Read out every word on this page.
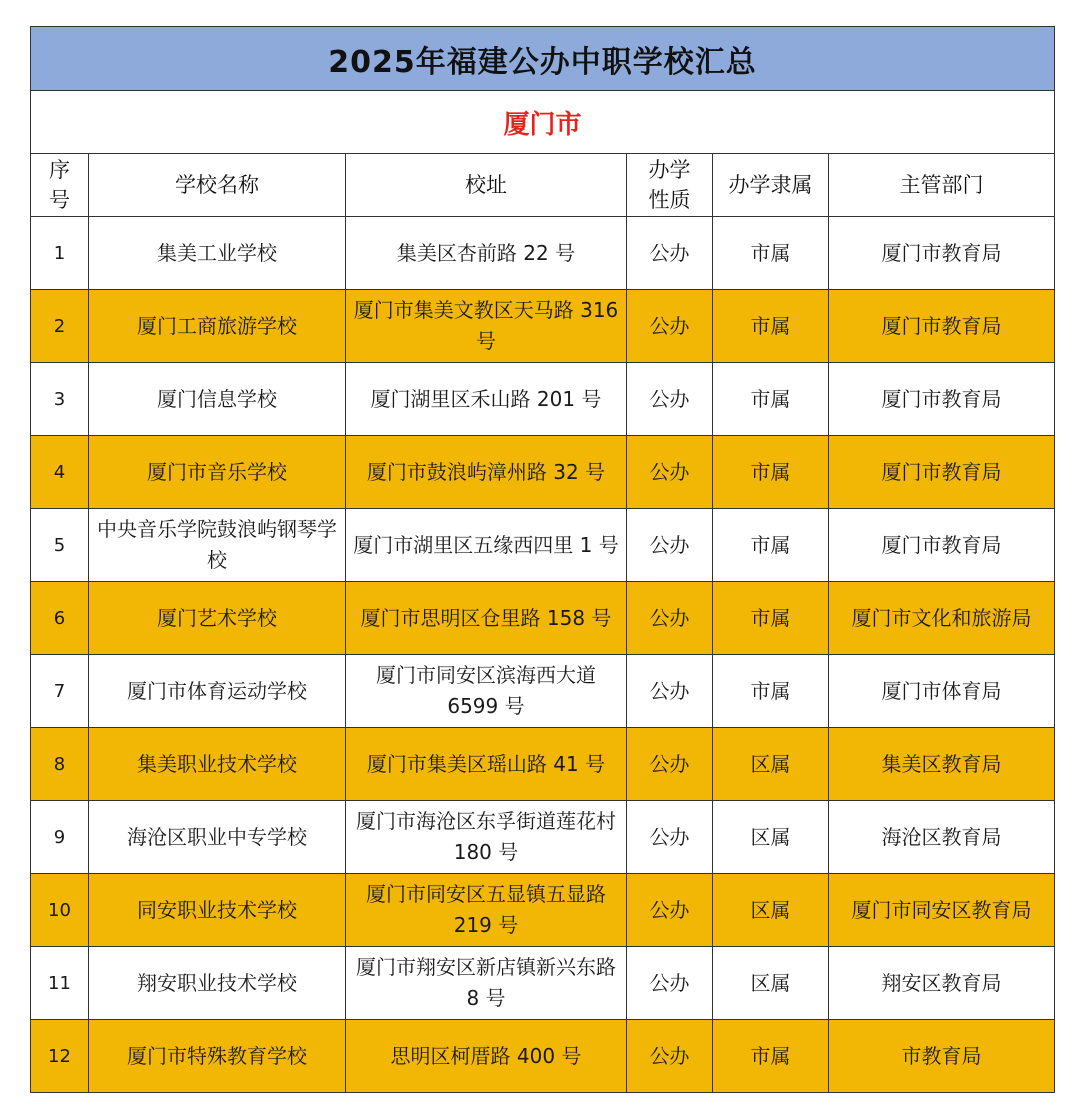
2025年福建公办中职学校汇总					
厦门市					
序号	学校名称	校址	办学性质	办学隶属	主管部门
1	集美工业学校	集美区杏前路 22 号	公办	市属	厦门市教育局
2	厦门工商旅游学校	厦门市集美文教区天马路 316 号	公办	市属	厦门市教育局
3	厦门信息学校	厦门湖里区禾山路 201 号	公办	市属	厦门市教育局
4	厦门市音乐学校	厦门市鼓浪屿漳州路 32 号	公办	市属	厦门市教育局
5	中央音乐学院鼓浪屿钢琴学校	厦门市湖里区五缘西四里 1 号	公办	市属	厦门市教育局
6	厦门艺术学校	厦门市思明区仓里路 158 号	公办	市属	厦门市文化和旅游局
7	厦门市体育运动学校	厦门市同安区滨海西大道 6599 号	公办	市属	厦门市体育局
8	集美职业技术学校	厦门市集美区瑶山路 41 号	公办	区属	集美区教育局
9	海沧区职业中专学校	厦门市海沧区东孚街道莲花村 180 号	公办	区属	海沧区教育局
10	同安职业技术学校	厦门市同安区五显镇五显路 219 号	公办	区属	厦门市同安区教育局
11	翔安职业技术学校	厦门市翔安区新店镇新兴东路 8 号	公办	区属	翔安区教育局
12	厦门市特殊教育学校	思明区柯厝路 400 号	公办	市属	市教育局
